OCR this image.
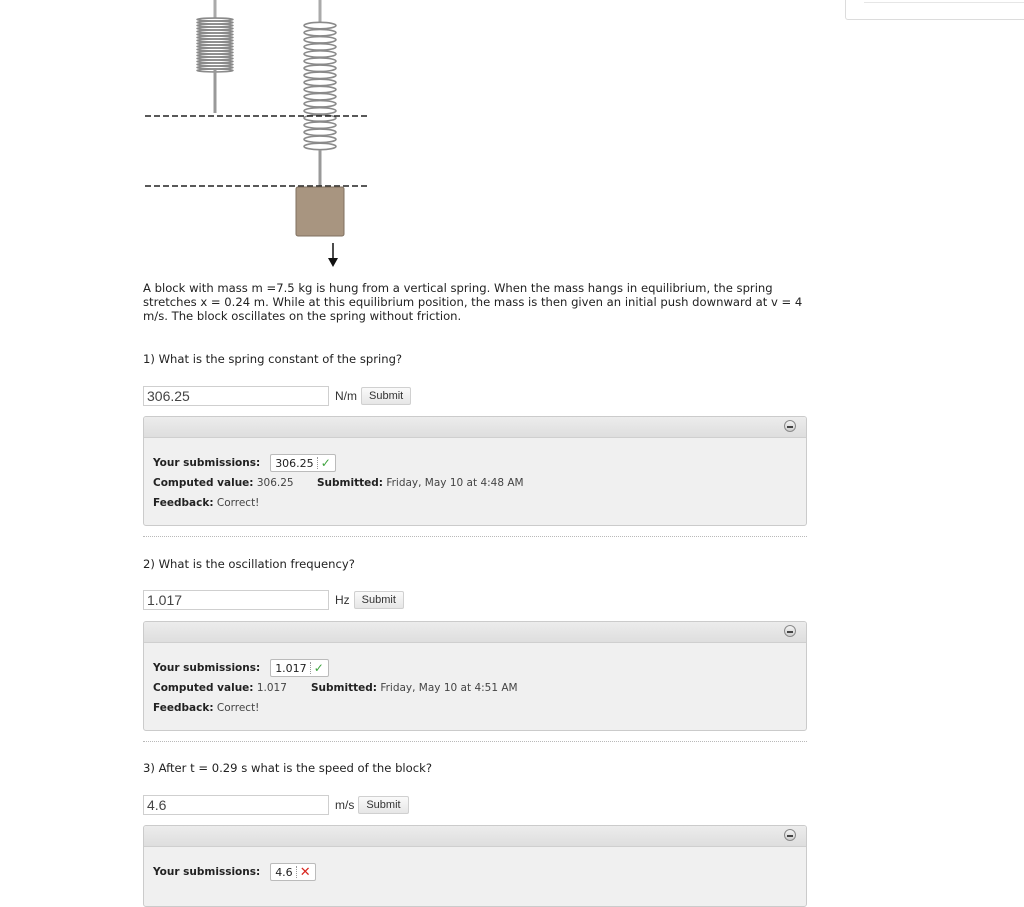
A block with mass m =7.5 kg is hung from a vertical spring. When the mass hangs in equilibrium, the spring stretches x = 0.24 m. While at this equilibrium position, the mass is then given an initial push downward at v = 4 m/s. The block oscillates on the spring without friction.
1) What is the spring constant of the spring?
306.25	N/m	Submit
Your submissions: 306.25 ✓
Computed value: 306.25	Submitted: Friday, May 10 at 4:48 AM
Feedback: Correct!
2) What is the oscillation frequency?
1.017	Hz	Submit
Your submissions: 1.017 ✓
Computed value: 1.017	Submitted: Friday, May 10 at 4:51 AM
Feedback: Correct!
3) After t = 0.29 s what is the speed of the block?
4.6	m/s	Submit
Your submissions: 4.6 ✕
